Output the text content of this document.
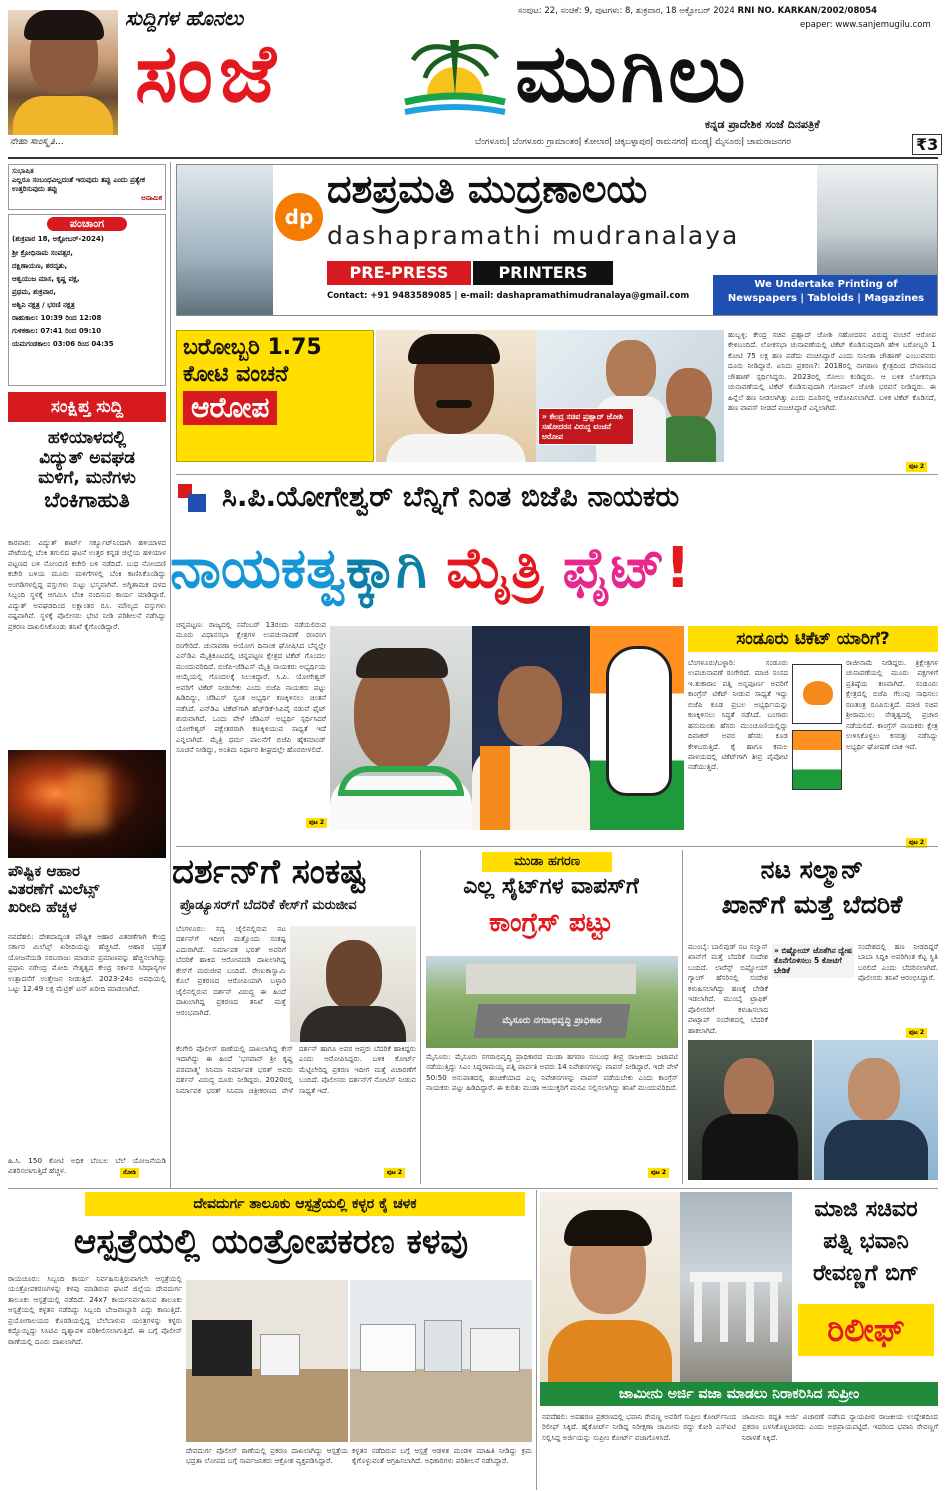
ನೇಹಾ ಸಾಂಸ್ಕೃತಿ...
ಸುದ್ದಿಗಳ ಹೊನಲು
ಸಂಜೆ	ಮುಗಿಲು
ಸಂಪುಟ: 22, ಸಂಚಿಕೆ: 9, ಪುಟಗಳು: 8, ಶುಕ್ರವಾರ, 18 ಅಕ್ಟೋಬರ್ 2024 RNI NO. KARKAN/2002/08054
epaper: www.sanjemugilu.com
ಕನ್ನಡ ಪ್ರಾದೇಶಿಕ ಸಂಜೆ ದಿನಪತ್ರಿಕೆ
ಬೆಂಗಳೂರು| ಬೆಂಗಳೂರು ಗ್ರಾಮಾಂತರ| ಕೋಲಾರ| ಚಿಕ್ಕಬಳ್ಳಾಪುರ| ರಾಮನಗರ| ಮಂಡ್ಯ| ಮೈಸೂರು| ಚಾಮರಾಜನಗರ	₹3
ಸುಭಾಷಿತ
ಎಲ್ಲರೂ ಸಂಬಂಧವಿಲ್ಲದಂತೆ ಇರುವುದು ತಪ್ಪು ಎಂದು ಪ್ರತ್ಯೇಕ ಉತ್ತರಿಸುವುದು ತಪ್ಪು
ಅನಾಮಿಕ
ಪಂಚಾಂಗ
(ಶುಕ್ರವಾರ 18, ಅಕ್ಟೋಬರ್-2024)
ಶ್ರೀ ಕ್ರೋಧಿನಾಮ ಸಂವತ್ಸರ,
ದಕ್ಷಿಣಾಯಣ, ಶರದೃತು,
ಆಶ್ವಯುಜ ಮಾಸ, ಕೃಷ್ಣ ಪಕ್ಷ,
ಪ್ರಥಮ, ಶುಕ್ರವಾರ,
ಅಶ್ವಿನಿ ನಕ್ಷತ್ರ / ಭರಣಿ ನಕ್ಷತ್ರ
ರಾಹುಕಾಲ: 10:39 ರಿಂದ 12:08
ಗುಳಿಕಕಾಲ: 07:41 ರಿಂದ 09:10
ಯಮಗಂಡಕಾಲ: 03:06 ರಿಂದ 04:35
ಸಂಕ್ಷಿಪ್ತ ಸುದ್ದಿ
ಹಳಿಯಾಳದಲ್ಲಿ
ವಿದ್ಯುತ್ ಅವಘಡ
ಮಳಿಗೆ, ಮನೆಗಳು
ಬೆಂಕಿಗಾಹುತಿ
ಕಾರವಾರ: ವಿದ್ಯುತ್ ಶಾರ್ಟ್ ಸರ್ಕ್ಯೂಟ್‌ನಿಂದಾಗಿ ಹಳಿಯಾಳದ ಪೇಟೆಯಲ್ಲಿ ಬೆಂಕಿ ತಗುಲಿದ ಘಟನೆ ಉತ್ತರ ಕನ್ನಡ ಜಿಲ್ಲೆಯ ಹಳಿಯಾಳ ಪಟ್ಟಣದ ಬಳಿ ನೋಂದಣಿ ಕಚೇರಿ ಬಳಿ ನಡೆದಿದೆ. ಬುಧ ನೋಂದಣಿ ಕಚೇರಿ ಬಳಿಯ ಮೂರು ಮಳಿಗೆಗಳಲ್ಲಿ ಬೆಂಕಿ ಕಾಣಿಸಿಕೊಂಡಿದ್ದು ಅಂಗಡಿಗಳಲ್ಲಿದ್ದ ವಸ್ತುಗಳು ಸುಟ್ಟು ಭಸ್ಮವಾಗಿವೆ. ಅಗ್ನಿಶಾಮಕ ದಳದ ಸಿಬ್ಬಂದಿ ಸ್ಥಳಕ್ಕೆ ಆಗಮಿಸಿ ಬೆಂಕಿ ನಂದಿಸುವ ಕಾರ್ಯ ಮಾಡಿದ್ದಾರೆ. ವಿದ್ಯುತ್ ಅವಘಡದಿಂದ ಲಕ್ಷಾಂತರ ರೂ. ಮೌಲ್ಯದ ವಸ್ತುಗಳು ನಷ್ಟವಾಗಿವೆ. ಸ್ಥಳಕ್ಕೆ ಪೊಲೀಸರು ಭೇಟಿ ನೀಡಿ ಪರಿಶೀಲನೆ ನಡೆಸಿದ್ದು ಪ್ರಕರಣ ದಾಖಲಿಸಿಕೊಂಡು ತನಿಖೆ ಕೈಗೊಂಡಿದ್ದಾರೆ.
ಪೌಷ್ಟಿಕ ಆಹಾರ
ವಿತರಣೆಗೆ ಮಿಲೆಟ್ಸ್
ಖರೀದಿ ಹೆಚ್ಚಳ
ನವದೆಹಲಿ: ದೇಶದಾದ್ಯಂತ ಪೌಷ್ಟಿಕ ಆಹಾರ ವಿತರಣೆಗಾಗಿ ಕೇಂದ್ರ ಸರ್ಕಾರ ಮಿಲೆಟ್ಸ್ ಖರೀದಿಯನ್ನು ಹೆಚ್ಚಿಸಿದೆ. ಆಹಾರ ಭದ್ರತೆ ಯೋಜನೆಯಡಿ ಸರಬರಾಜು ಮಾಡುವ ಪ್ರಮಾಣವನ್ನು ಹೆಚ್ಚಿಸಲಾಗಿದ್ದು ಪ್ರಧಾನಿ ನರೇಂದ್ರ ಮೋದಿ ನೇತೃತ್ವದ ಕೇಂದ್ರ ಸರ್ಕಾರ ಸಿರಿಧಾನ್ಯಗಳ ಉತ್ಪಾದನೆಗೆ ಉತ್ತೇಜನ ನೀಡುತ್ತಿದೆ. 2023-24ರ ಅವಧಿಯಲ್ಲಿ ಒಟ್ಟು 12.49 ಲಕ್ಷ ಮೆಟ್ರಿಕ್ ಟನ್ ಖರೀದಿ ಮಾಡಲಾಗಿದೆ.
ಹಿ.ಸಿ. 150 ಕೋಟಿ ಅಧಿಕ ಬೆಂಬಲ ಬೆಲೆ ಯೋಜನೆಯಡಿ ವಿತರಿಸಲಾಗುತ್ತಿದೆ ಹೆಚ್ಚಳ.	ನೋಡಿ
dp
ದಶಪ್ರಮತಿ ಮುದ್ರಣಾಲಯ
dashapramathi mudranalaya
PRE-PRESS	PRINTERS
Contact: +91 9483589085 | e-mail: dashapramathimudranalaya@gmail.com
We Undertake Printing of Newspapers | Tabloids | Magazines
ಬರೋಬ್ಬರಿ 1.75
ಕೋಟಿ ವಂಚನೆ
ಆರೋಪ	» ಕೇಂದ್ರ ಸಚಿವ ಪ್ರಹ್ಲಾದ್ ಜೋಶಿ ಸಹೋದರನ ವಿರುದ್ಧ ವಂಚನೆ ಆರೋಪ
ಹುಬ್ಬಳ್ಳಿ: ಕೇಂದ್ರ ಸಚಿವ ಪ್ರಹ್ಲಾದ್ ಜೋಶಿ ಸಹೋದರನ ವಿರುದ್ಧ ವಂಚನೆ ಆರೋಪ ಕೇಳಿಬಂದಿದೆ. ಲೋಕಸಭಾ ಚುನಾವಣೆಯಲ್ಲಿ ಟಿಕೆಟ್ ಕೊಡಿಸುವುದಾಗಿ ಹೇಳಿ ಬರೋಬ್ಬರಿ 1 ಕೋಟಿ 75 ಲಕ್ಷ ಹಣ ಪಡೆದು ವಂಚಿಸಿದ್ದಾರೆ ಎಂದು ಸುನೀತಾ ಚೌಹಾಣ್ ಎಂಬುವವರು ದೂರು ನೀಡಿದ್ದಾರೆ. ಏನಿದು ಪ್ರಕರಣ?: 2018ರಲ್ಲಿ ನಾಗಠಾಣ ಕ್ಷೇತ್ರದಿಂದ ದೇವಾನಂದ ಚೌಹಾಣ್ ಸ್ಪರ್ಧಿಸಿದ್ದರು. 2023ರಲ್ಲಿ ಸೋಲು ಕಂಡಿದ್ದರು. ಆ ಬಳಿಕ ಲೋಕಸಭಾ ಚುನಾವಣೆಯಲ್ಲಿ ಟಿಕೆಟ್ ಕೊಡಿಸುವುದಾಗಿ ಗೋಪಾಲ್ ಜೋಶಿ ಭರವಸೆ ನೀಡಿದ್ದರು. ಈ ಹಿನ್ನೆಲೆ ಹಣ ನೀಡಲಾಗಿತ್ತು ಎಂದು ದೂರಿನಲ್ಲಿ ಆರೋಪಿಸಲಾಗಿದೆ. ಬಳಿಕ ಟಿಕೆಟ್ ಕೊಡಿಸದೆ, ಹಣ ವಾಪಸ್ ನೀಡದೆ ವಂಚಿಸಿದ್ದಾರೆ ಎನ್ನಲಾಗಿದೆ.
ಪುಟ 2
ಸಿ.ಪಿ.ಯೋಗೇಶ್ವರ್ ಬೆನ್ನಿಗೆ ನಿಂತ ಬಿಜೆಪಿ ನಾಯಕರು
ನಾಯಕತ್ವಕ್ಕಾಗಿ ಮೈತ್ರಿ ಫೈಟ್!
ಚನ್ನಪಟ್ಟಣ: ರಾಜ್ಯದಲ್ಲಿ ನವೆಂಬರ್ 13ರಂದು ನಡೆಯಲಿರುವ ಮೂರು ವಿಧಾನಸಭಾ ಕ್ಷೇತ್ರಗಳ ಉಪಚುನಾವಣೆ ರಣರಂಗ ರಂಗೇರಿದೆ. ಚುನಾವಣಾ ಆಯೋಗ ದಿನಾಂಕ ಘೋಷಿಸಿದ ಬೆನ್ನಲ್ಲೇ ಎನ್‌ಡಿಎ ಮೈತ್ರಿಕೂಟದಲ್ಲಿ ಚನ್ನಪಟ್ಟಣ ಕ್ಷೇತ್ರದ ಟಿಕೆಟ್ ಗೊಂದಲ ಮುಂದುವರಿದಿದೆ. ಬಿಜೆಪಿ-ಜೆಡಿಎಸ್ ಮೈತ್ರಿ ನಾಯಕರು ಅಭ್ಯರ್ಥಿಯ ಆಯ್ಕೆಯಲ್ಲಿ ಗೊಂದಲಕ್ಕೆ ಸಿಲುಕಿದ್ದಾರೆ. ಸಿ.ಪಿ. ಯೋಗೇಶ್ವರ್ ಅವರಿಗೆ ಟಿಕೆಟ್ ನೀಡಬೇಕು ಎಂದು ಬಿಜೆಪಿ ನಾಯಕರು ಪಟ್ಟು ಹಿಡಿದಿದ್ದು, ಜೆಡಿಎಸ್ ಸ್ವಂತ ಅಭ್ಯರ್ಥಿ ಕಣಕ್ಕಿಳಿಸಲು ಚಿಂತನೆ ನಡೆಸಿದೆ. ಎನ್‌ಡಿಎ ಟಿಕೆಟ್‌ಗಾಗಿ ಹೆಚ್‌ಡಿಕೆ-ಸಿಪಿವೈ ನಡುವೆ ಫೈಟ್ ಶುರುವಾಗಿದೆ. ಒಂದು ವೇಳೆ ಜೆಡಿಎಸ್ ಅಭ್ಯರ್ಥಿ ಸ್ಪರ್ಧಿಸಿದರೆ ಯೋಗೇಶ್ವರ್ ಪಕ್ಷೇತರರಾಗಿ ಕಣಕ್ಕಿಳಿಯುವ ಸಾಧ್ಯತೆ ಇದೆ ಎನ್ನಲಾಗಿದೆ. ಮೈತ್ರಿ ಧರ್ಮ ಪಾಲನೆಗೆ ಬಿಜೆಪಿ ಹೈಕಮಾಂಡ್ ಸೂಚನೆ ನೀಡಿದ್ದು, ಅಂತಿಮ ನಿರ್ಧಾರ ಶೀಘ್ರದಲ್ಲೇ ಹೊರಬೀಳಲಿದೆ.
ಪುಟ 2
ಸಂಡೂರು ಟಿಕೆಟ್ ಯಾರಿಗೆ?
ಬೆಂಗಳೂರು/ಬಳ್ಳಾರಿ: ಸಂಡೂರು ಉಪಚುನಾವಣೆ ರಂಗೇರಿದೆ. ಮಾಜಿ ಸಂಸದ ಇ.ತುಕಾರಾಂ ಪತ್ನಿ ಅನ್ನಪೂರ್ಣ ಅವರಿಗೆ ಕಾಂಗ್ರೆಸ್ ಟಿಕೆಟ್ ನೀಡುವ ಸಾಧ್ಯತೆ ಇದ್ದು ಬಿಜೆಪಿ ಕೂಡ ಪ್ರಬಲ ಅಭ್ಯರ್ಥಿಯನ್ನು ಕಣಕ್ಕಿಳಿಸಲು ಸಿದ್ಧತೆ ನಡೆಸಿದೆ. ಬಂಗಾರು ಹನುಮಂತು ಹೆಸರು ಮುಂಚೂಣಿಯಲ್ಲಿದ್ದು ದಿವಾಕರ್ ಅವರ ಹೆಸರು ಕೂಡ ಕೇಳಿಬರುತ್ತಿದೆ. ಕೈ ಹಾಗೂ ಕಮಲ ಪಾಳಯದಲ್ಲಿ ಟಿಕೆಟ್‌ಗಾಗಿ ತೀವ್ರ ಪೈಪೋಟಿ ನಡೆಯುತ್ತಿದೆ.
ರಾಜೀನಾಮೆ ನೀಡಿದ್ದರು. ತ್ರಿಕ್ಷೇತ್ರಗಳ ಚುನಾವಣೆಯಲ್ಲಿ ಮೂರು ಪಕ್ಷಗಳಿಗೆ ಪ್ರತಿಷ್ಠೆಯ ಕಣವಾಗಿದೆ. ಸಂಡೂರು ಕ್ಷೇತ್ರದಲ್ಲಿ ಬಿಜೆಪಿ ಗೆಲುವು ಸಾಧಿಸಲು ರಣತಂತ್ರ ರೂಪಿಸುತ್ತಿದೆ. ಮಾಜಿ ಸಚಿವ ಶ್ರೀರಾಮುಲು ನೇತೃತ್ವದಲ್ಲಿ ಪ್ರಚಾರ ನಡೆಯಲಿದೆ. ಕಾಂಗ್ರೆಸ್ ನಾಯಕರು ಕ್ಷೇತ್ರ ಉಳಿಸಿಕೊಳ್ಳಲು ಕಸರತ್ತು ನಡೆಸಿದ್ದು ಅಭ್ಯರ್ಥಿ ಘೋಷಣೆ ಬಾಕಿ ಇದೆ.
ಪುಟ 2
ದರ್ಶನ್‌ಗೆ ಸಂಕಷ್ಟ
ಪ್ರೊಡ್ಯೂಸರ್‌ಗೆ ಬೆದರಿಕೆ ಕೇಸ್‌ಗೆ ಮರುಜೀವ
ಬೆಂಗಳೂರು: ಸದ್ಯ ಜೈಲಿನಲ್ಲಿರುವ ನಟ ದರ್ಶನ್‌ಗೆ ಇದೀಗ ಮತ್ತೊಂದು ಸಂಕಷ್ಟ ಎದುರಾಗಿದೆ. ನಿರ್ಮಾಪಕ ಭರತ್ ಅವರಿಗೆ ಬೆದರಿಕೆ ಹಾಕಿದ ಆರೋಪದಡಿ ದಾಖಲಾಗಿದ್ದ ಕೇಸ್‌ಗೆ ಮರುಜೀವ ಬಂದಿದೆ. ರೇಣುಕಾಸ್ವಾಮಿ ಕೊಲೆ ಪ್ರಕರಣದ ಆರೋಪಿಯಾಗಿ ಬಳ್ಳಾರಿ ಜೈಲಿನಲ್ಲಿರುವ ದರ್ಶನ್ ವಿರುದ್ಧ ಈ ಹಿಂದೆ ದಾಖಲಾಗಿದ್ದ ಪ್ರಕರಣದ ತನಿಖೆ ಮತ್ತೆ ಆರಂಭವಾಗಿದೆ.
ಕೆಂಗೇರಿ ಪೊಲೀಸ್ ಠಾಣೆಯಲ್ಲಿ ದಾಖಲಾಗಿದ್ದ ಕೇಸ್ ಇದಾಗಿದ್ದು ಈ ಹಿಂದೆ 'ಭಗವಾನ್ ಶ್ರೀ ಕೃಷ್ಣ ಪರಮಾತ್ಮ' ಸಿನಿಮಾ ನಿರ್ಮಾಪಕ ಭರತ್ ಅವರು ದರ್ಶನ್ ವಿರುದ್ಧ ದೂರು ನೀಡಿದ್ದರು. 2020ರಲ್ಲಿ ನಿರ್ಮಾಪಕ ಭರತ್ ಸಿನಿಮಾ ಚಿತ್ರೀಕರಣದ ವೇಳೆ ದರ್ಶನ್ ಹಾಗೂ ಅವರ ಆಪ್ತರು ಬೆದರಿಕೆ ಹಾಕಿದ್ದರು ಎಂದು ಆರೋಪಿಸಿದ್ದರು. ಬಳಿಕ ಕೋರ್ಟ್ ಮೆಟ್ಟಿಲೇರಿದ್ದ ಪ್ರಕರಣ ಇದೀಗ ಮತ್ತೆ ವಿಚಾರಣೆಗೆ ಬಂದಿದೆ. ಪೊಲೀಸರು ದರ್ಶನ್‌ಗೆ ನೋಟಿಸ್ ನೀಡುವ ಸಾಧ್ಯತೆ ಇದೆ.
ಪುಟ 2
ಮುಡಾ ಹಗರಣ
ಎಲ್ಲ ಸೈಟ್‌ಗಳ ವಾಪಸ್‌ಗೆ
ಕಾಂಗ್ರೆಸ್ ಪಟ್ಟು
ಮೈಸೂರು ನಗರಾಭಿವೃದ್ಧಿ ಪ್ರಾಧಿಕಾರ
ಮೈಸೂರು: ಮೈಸೂರು ನಗರಾಭಿವೃದ್ಧಿ ಪ್ರಾಧಿಕಾರದ ಮುಡಾ ಹಗರಣ ಸಂಬಂಧ ತೀವ್ರ ರಾಜಕೀಯ ಜಟಾಪಟಿ ನಡೆಯುತ್ತಿದ್ದು ಸಿಎಂ ಸಿದ್ದರಾಮಯ್ಯ ಪತ್ನಿ ಪಾರ್ವತಿ ಅವರು 14 ನಿವೇಶನಗಳನ್ನು ವಾಪಸ್ ನೀಡಿದ್ದಾರೆ. ಇದೇ ವೇಳೆ 50:50 ಅನುಪಾತದಲ್ಲಿ ಹಂಚಿಕೆಯಾದ ಎಲ್ಲ ನಿವೇಶನಗಳನ್ನು ವಾಪಸ್ ಪಡೆಯಬೇಕು ಎಂದು ಕಾಂಗ್ರೆಸ್ ನಾಯಕರು ಪಟ್ಟು ಹಿಡಿದಿದ್ದಾರೆ. ಈ ಕುರಿತು ಮುಡಾ ಆಯುಕ್ತರಿಗೆ ಮನವಿ ಸಲ್ಲಿಸಲಾಗಿದ್ದು ತನಿಖೆ ಮುಂದುವರಿದಿದೆ.
ಪುಟ 2
ನಟ ಸಲ್ಮಾನ್
ಖಾನ್‌ಗೆ ಮತ್ತೆ ಬೆದರಿಕೆ
ಮುಂಬೈ: ಬಾಲಿವುಡ್ ನಟ ಸಲ್ಮಾನ್ ಖಾನ್‌ಗೆ ಮತ್ತೆ ಬೆದರಿಕೆ ಸಂದೇಶ ಬಂದಿದೆ. ಲಾರೆನ್ಸ್ ಬಿಷ್ಣೋಯ್ ಗ್ಯಾಂಗ್ ಹೆಸರಿನಲ್ಲಿ ಸಂದೇಶ ಕಳುಹಿಸಲಾಗಿದ್ದು ಹಣಕ್ಕೆ ಬೇಡಿಕೆ ಇಡಲಾಗಿದೆ. ಮುಂಬೈ ಟ್ರಾಫಿಕ್ ಪೊಲೀಸರಿಗೆ ಕಳುಹಿಸಲಾದ ವಾಟ್ಸಾಪ್ ಸಂದೇಶದಲ್ಲಿ ಬೆದರಿಕೆ ಹಾಕಲಾಗಿದೆ.
» ಬಿಷ್ಣೋಯ್ ಜೊತೆಗಿನ ದ್ವೇಷ ಕೊನೆಗೊಳಿಸಲು 5 ಕೋಟಿಗೆ ಬೇಡಿಕೆ
ಸಂದೇಶದಲ್ಲಿ ಹಣ ನೀಡದಿದ್ದರೆ ಬಾಬಾ ಸಿದ್ದಿಕಿ ಅವರಿಗಿಂತ ಕೆಟ್ಟ ಸ್ಥಿತಿ ಬರಲಿದೆ ಎಂದು ಬೆದರಿಸಲಾಗಿದೆ. ಪೊಲೀಸರು ತನಿಖೆ ಆರಂಭಿಸಿದ್ದಾರೆ.
ಪುಟ 2
ದೇವದುರ್ಗ ತಾಲೂಕು ಆಸ್ಪತ್ರೆಯಲ್ಲಿ ಕಳ್ಳರ ಕೈ ಚಳಕ
ಆಸ್ಪತ್ರೆಯಲ್ಲಿ ಯಂತ್ರೋಪಕರಣ ಕಳವು
ರಾಯಚೂರು: ಸಿಬ್ಬಂದಿ ಕಾರ್ಯ ನಿರ್ವಹಿಸುತ್ತಿರುವಾಗಲೇ ಆಸ್ಪತ್ರೆಯಲ್ಲಿ ಯಂತ್ರೋಪಕರಣಗಳನ್ನು ಕಳವು ಮಾಡಿರುವ ಘಟನೆ ಜಿಲ್ಲೆಯ ದೇವದುರ್ಗ ತಾಲೂಕು ಆಸ್ಪತ್ರೆಯಲ್ಲಿ ನಡೆದಿದೆ. 24x7 ಕಾರ್ಯನಿರ್ವಹಿಸುವ ತಾಲೂಕು ಆಸ್ಪತ್ರೆಯಲ್ಲಿ ಕಳ್ಳತನ ನಡೆದಿದ್ದು ಸಿಬ್ಬಂದಿ ಬೇಜವಾಬ್ದಾರಿ ಎದ್ದು ಕಾಣುತ್ತಿದೆ. ಪ್ರಯೋಗಾಲಯದ ಕೊಠಡಿಯಲ್ಲಿದ್ದ ಬೆಲೆಬಾಳುವ ಯಂತ್ರಗಳನ್ನು ಕಳ್ಳರು ಕದ್ದೊಯ್ದಿದ್ದು ಸಿಸಿಟಿವಿ ದೃಶ್ಯಾವಳಿ ಪರಿಶೀಲಿಸಲಾಗುತ್ತಿದೆ. ಈ ಬಗ್ಗೆ ಪೊಲೀಸ್ ಠಾಣೆಯಲ್ಲಿ ದೂರು ದಾಖಲಾಗಿದೆ.
ದೇವದುರ್ಗ ಪೊಲೀಸ್ ಠಾಣೆಯಲ್ಲಿ ಪ್ರಕರಣ ದಾಖಲಾಗಿದ್ದು ಆಸ್ಪತ್ರೆಯ ಭದ್ರತಾ ಲೋಪದ ಬಗ್ಗೆ ಸಾರ್ವಜನಿಕರು ಆಕ್ರೋಶ ವ್ಯಕ್ತಪಡಿಸಿದ್ದಾರೆ.
ಕಳ್ಳತನ ನಡೆದಿರುವ ಬಗ್ಗೆ ಆಸ್ಪತ್ರೆ ಆಡಳಿತ ಮಂಡಳಿ ಮಾಹಿತಿ ನೀಡಿದ್ದು ಕ್ರಮ ಕೈಗೊಳ್ಳುವಂತೆ ಆಗ್ರಹಿಸಲಾಗಿದೆ. ಅಧಿಕಾರಿಗಳು ಪರಿಶೀಲನೆ ನಡೆಸಿದ್ದಾರೆ.
ಮಾಜಿ ಸಚಿವರ
ಪತ್ನಿ ಭವಾನಿ
ರೇವಣ್ಣಗೆ ಬಿಗ್
ರಿಲೀಫ್
ಜಾಮೀನು ಅರ್ಜಿ ವಜಾ ಮಾಡಲು ನಿರಾಕರಿಸಿದ ಸುಪ್ರೀಂ
ನವದೆಹಲಿ: ಅಪಹರಣ ಪ್ರಕರಣದಲ್ಲಿ ಭವಾನಿ ರೇವಣ್ಣ ಅವರಿಗೆ ಸುಪ್ರೀಂ ಕೋರ್ಟ್‌ನಿಂದ ರಿಲೀಫ್ ಸಿಕ್ಕಿದೆ. ಹೈಕೋರ್ಟ್ ನೀಡಿದ್ದ ನಿರೀಕ್ಷಣಾ ಜಾಮೀನು ರದ್ದು ಕೋರಿ ಎಸ್‌ಐಟಿ ಸಲ್ಲಿಸಿದ್ದ ಅರ್ಜಿಯನ್ನು ಸುಪ್ರೀಂ ಕೋರ್ಟ್ ವಜಾಗೊಳಿಸಿದೆ.
ಜಾಮೀನು ರದ್ದತಿ ಅರ್ಜಿ ವಿಚಾರಣೆ ನಡೆಸಿದ ನ್ಯಾಯಪೀಠ ರಾಜಕೀಯ ಉದ್ದೇಶದಿಂದ ಪ್ರಕರಣ ಬಳಸಿಕೊಳ್ಳಬಾರದು ಎಂದು ಅಭಿಪ್ರಾಯಪಟ್ಟಿದೆ. ಇದರಿಂದ ಭವಾನಿ ರೇವಣ್ಣಗೆ ನಿರಾಳತೆ ಸಿಕ್ಕಿದೆ.
